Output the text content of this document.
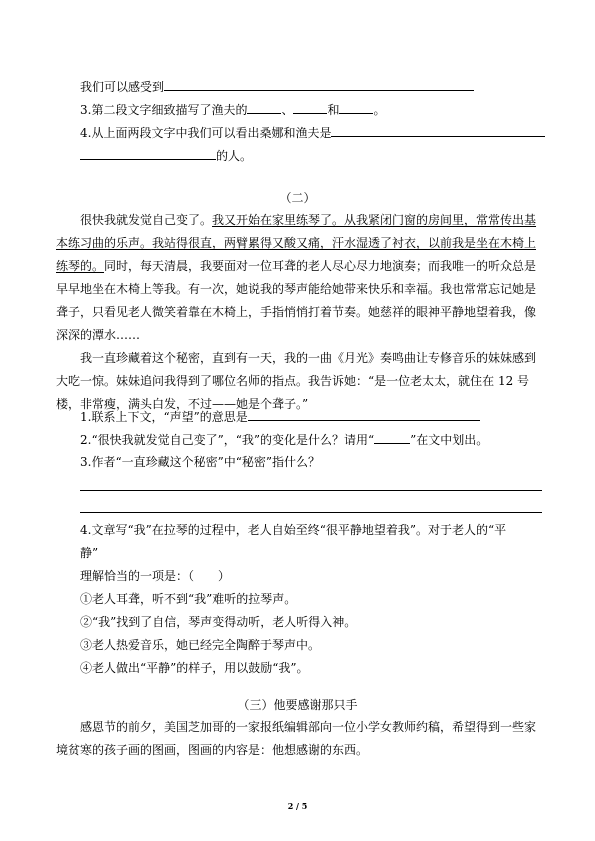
我们可以感受到
3.第二段文字细致描写了渔夫的	、	和	。
4.从上面两段文字中我们可以看出桑娜和渔夫是
的人。
（二）
很快我就发觉自己变了。我又开始在家里练琴了。从我紧闭门窗的房间里，常常传出基
本练习曲的乐声。我站得很直，两臂累得又酸又痛，汗水湿透了衬衣，以前我是坐在木椅上
练琴的。同时，每天清晨，我要面对一位耳聋的老人尽心尽力地演奏；而我唯一的听众总是
早早地坐在木椅上等我。有一次，她说我的琴声能给她带来快乐和幸福。我也常常忘记她是
聋子，只看见老人微笑着靠在木椅上，手指悄悄打着节奏。她慈祥的眼神平静地望着我，像
深深的潭水……
我一直珍藏着这个秘密，直到有一天，我的一曲《月光》奏鸣曲让专修音乐的妹妹感到
大吃一惊。妹妹追问我得到了哪位名师的指点。我告诉她：“是一位老太太，就住在 12 号
楼，非常瘦，满头白发，不过——她是个聋子。”
1.联系上下文，“声望”的意思是
2.“很快我就发觉自己变了”，“我”的变化是什么？请用“	”在文中划出。
3.作者“一直珍藏这个秘密”中“秘密”指什么？
4.文章写“我”在拉琴的过程中，老人自始至终“很平静地望着我”。对于老人的“平
静”
理解恰当的一项是：（　　）
①老人耳聋，听不到“我”难听的拉琴声。
②“我”找到了自信，琴声变得动听，老人听得入神。
③老人热爱音乐，她已经完全陶醉于琴声中。
④老人做出“平静”的样子，用以鼓励“我”。
（三）他要感谢那只手
感恩节的前夕，美国芝加哥的一家报纸编辑部向一位小学女教师约稿，希望得到一些家
境贫寒的孩子画的图画，图画的内容是：他想感谢的东西。
2 / 5
